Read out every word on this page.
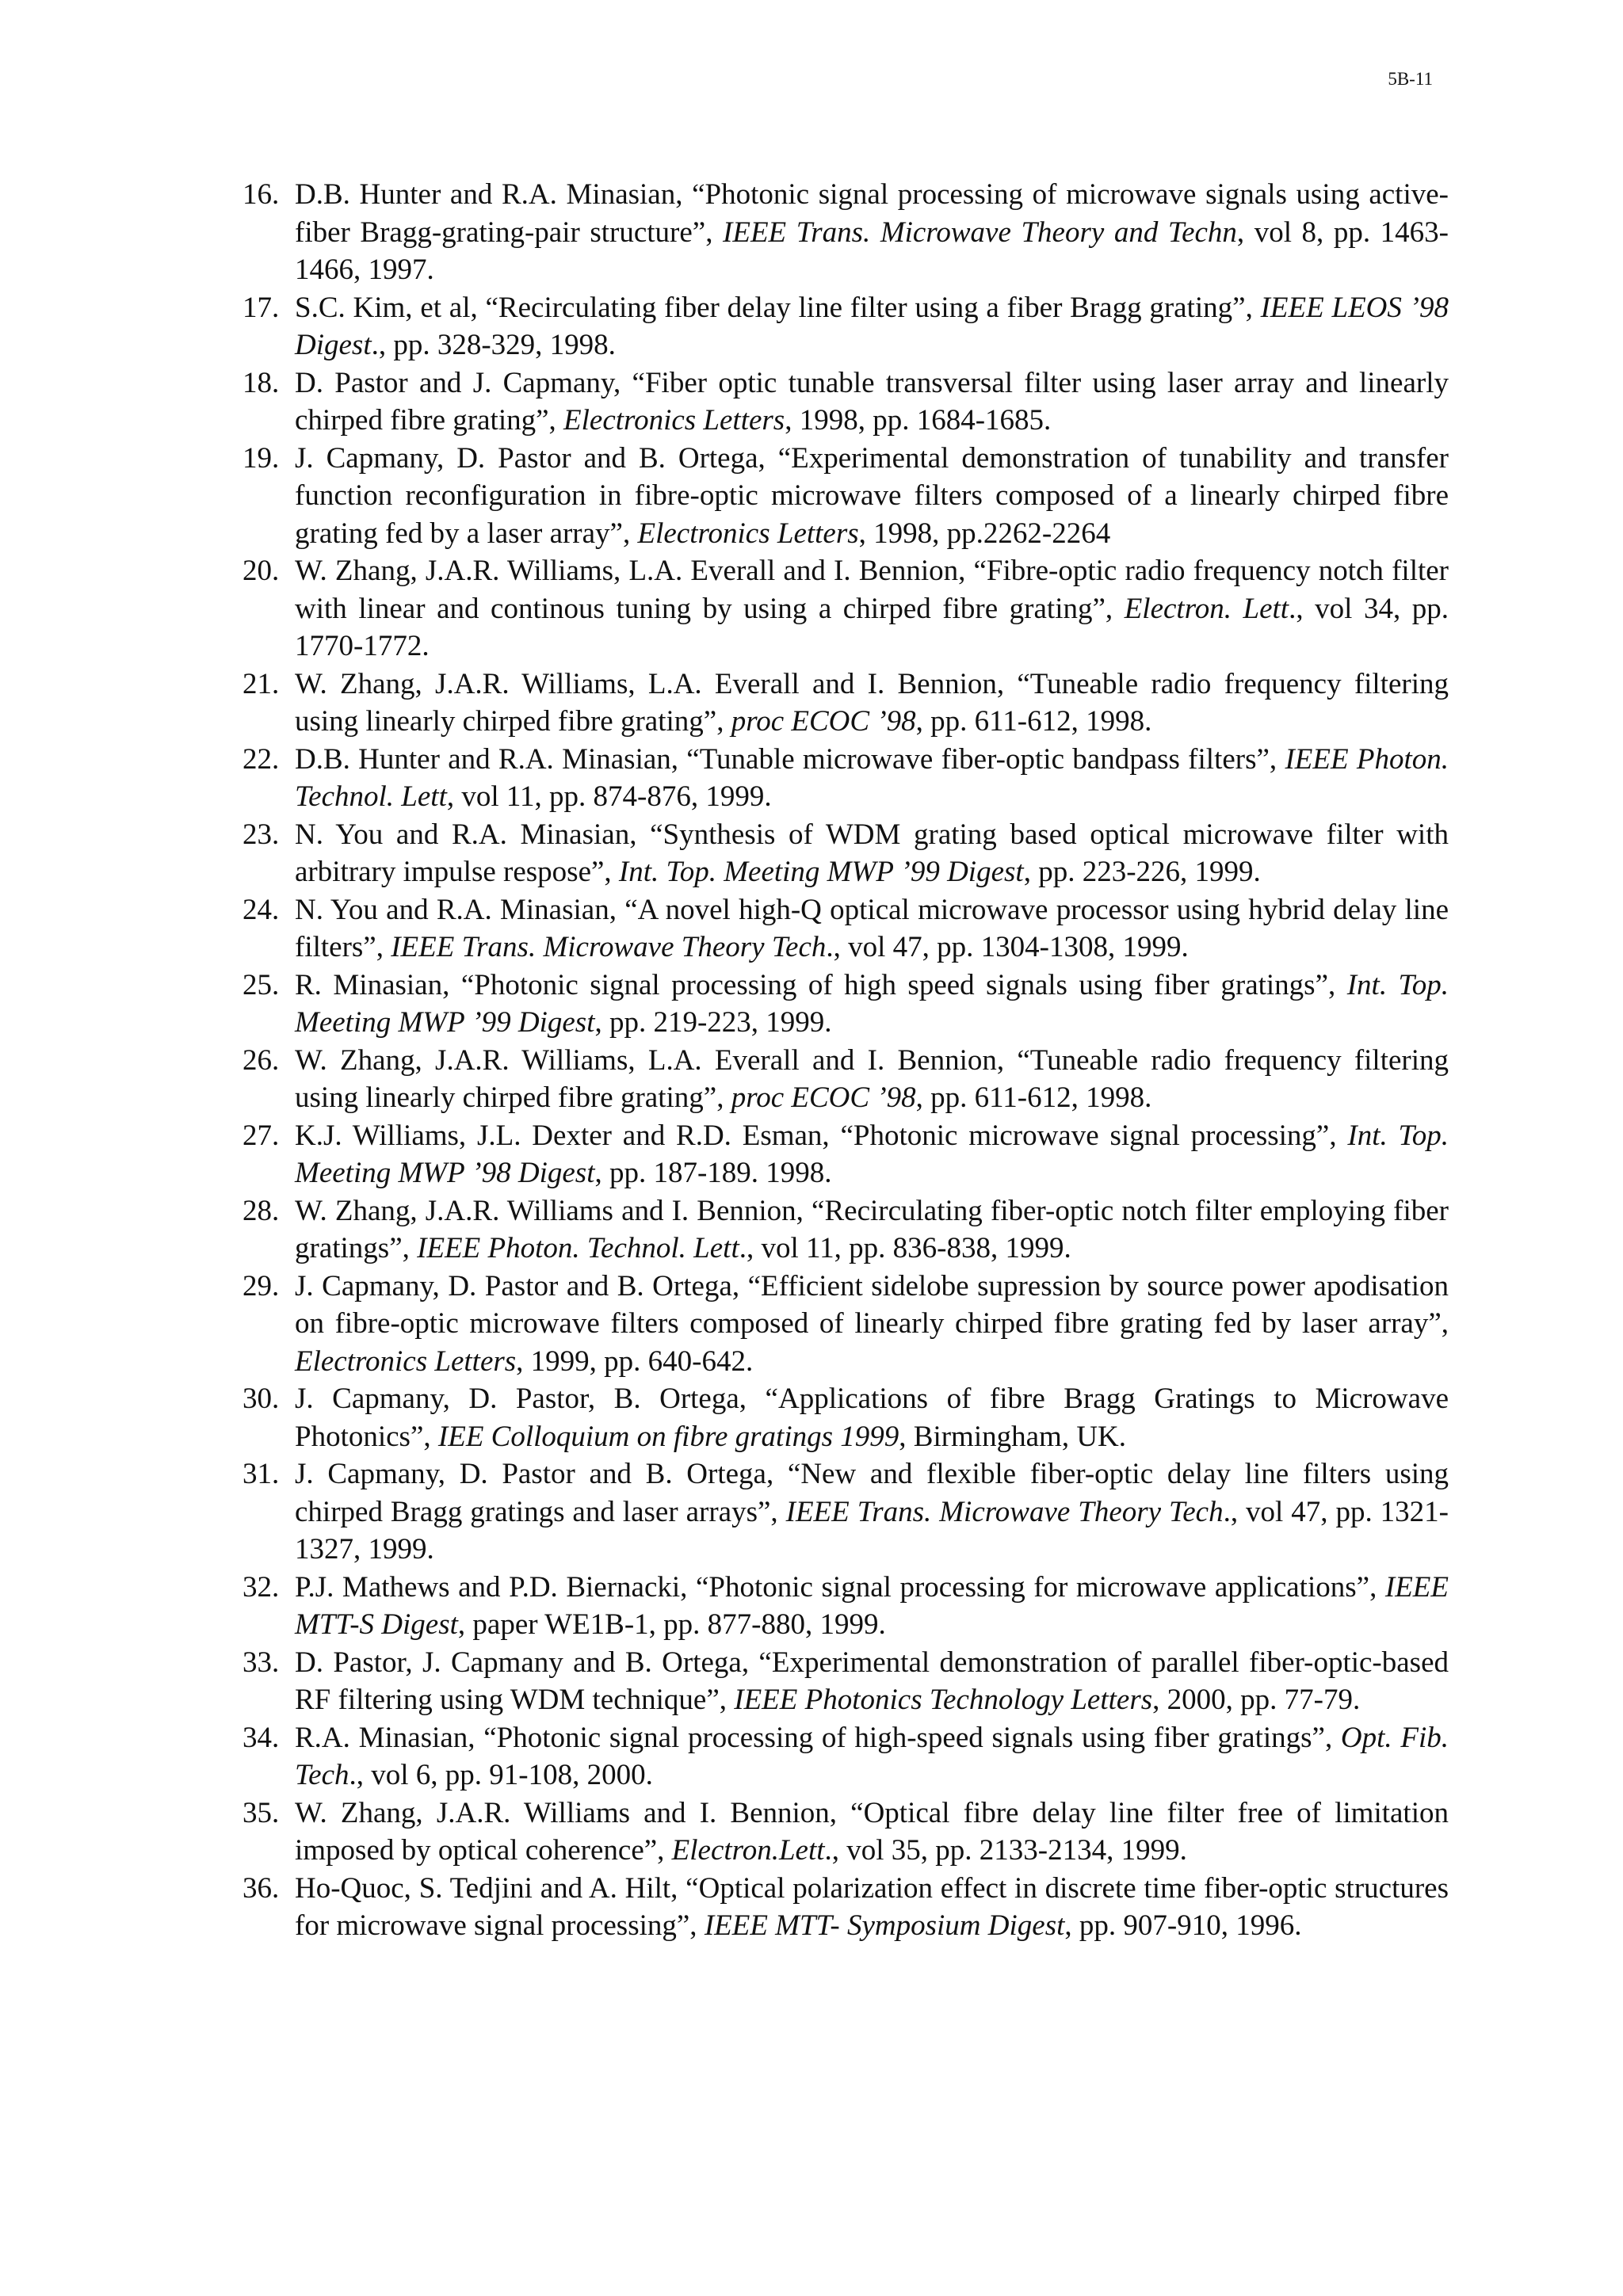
5B-11
16. D.B. Hunter and R.A. Minasian, “Photonic signal processing of microwave signals using active-fiber Bragg-grating-pair structure”, IEEE Trans. Microwave Theory and Techn, vol 8, pp. 1463-1466, 1997.
17. S.C. Kim, et al, “Recirculating fiber delay line filter using a fiber Bragg grating”, IEEE LEOS ’98 Digest., pp. 328-329, 1998.
18. D. Pastor and J. Capmany, “Fiber optic tunable transversal filter using laser array and linearly chirped fibre grating”, Electronics Letters, 1998, pp. 1684-1685.
19. J. Capmany, D. Pastor and B. Ortega, “Experimental demonstration of tunability and transfer function reconfiguration in fibre-optic microwave filters composed of a linearly chirped fibre grating fed by a laser array”, Electronics Letters, 1998, pp.2262-2264
20. W. Zhang, J.A.R. Williams, L.A. Everall and I. Bennion, “Fibre-optic radio frequency notch filter with linear and continous tuning by using a chirped fibre grating”, Electron. Lett., vol 34, pp. 1770-1772.
21. W. Zhang, J.A.R. Williams, L.A. Everall and I. Bennion, “Tuneable radio frequency filtering using linearly chirped fibre grating”, proc ECOC ’98, pp. 611-612, 1998.
22. D.B. Hunter and R.A. Minasian, “Tunable microwave fiber-optic bandpass filters”, IEEE Photon. Technol. Lett, vol 11, pp. 874-876, 1999.
23. N. You and R.A. Minasian, “Synthesis of WDM grating based optical microwave filter with arbitrary impulse respose”, Int. Top. Meeting MWP ’99 Digest, pp. 223-226, 1999.
24. N. You and R.A. Minasian, “A novel high-Q optical microwave processor using hybrid delay line filters”, IEEE Trans. Microwave Theory Tech., vol 47, pp. 1304-1308, 1999.
25. R. Minasian, “Photonic signal processing of high speed signals using fiber gratings”, Int. Top. Meeting MWP ’99 Digest, pp. 219-223, 1999.
26. W. Zhang, J.A.R. Williams, L.A. Everall and I. Bennion, “Tuneable radio frequency filtering using linearly chirped fibre grating”, proc ECOC ’98, pp. 611-612, 1998.
27. K.J. Williams, J.L. Dexter and R.D. Esman, “Photonic microwave signal processing”, Int. Top. Meeting MWP ’98 Digest, pp. 187-189. 1998.
28. W. Zhang, J.A.R. Williams and I. Bennion, “Recirculating fiber-optic notch filter employing fiber gratings”, IEEE Photon. Technol. Lett., vol 11, pp. 836-838, 1999.
29. J. Capmany, D. Pastor and B. Ortega, “Efficient sidelobe supression by source power apodisation on fibre-optic microwave filters composed of linearly chirped fibre grating fed by laser array”, Electronics Letters, 1999, pp. 640-642.
30. J. Capmany, D. Pastor, B. Ortega, “Applications of fibre Bragg Gratings to Microwave Photonics”, IEE Colloquium on fibre gratings 1999, Birmingham, UK.
31. J. Capmany, D. Pastor and B. Ortega, “New and flexible fiber-optic delay line filters using chirped Bragg gratings and laser arrays”, IEEE Trans. Microwave Theory Tech., vol 47, pp. 1321-1327, 1999.
32. P.J. Mathews and P.D. Biernacki, “Photonic signal processing for microwave applications”, IEEE MTT-S Digest, paper WE1B-1, pp. 877-880, 1999.
33. D. Pastor, J. Capmany and B. Ortega, “Experimental demonstration of parallel fiber-optic-based RF filtering using WDM technique”, IEEE Photonics Technology Letters, 2000, pp. 77-79.
34. R.A. Minasian, “Photonic signal processing of high-speed signals using fiber gratings”, Opt. Fib. Tech., vol 6, pp. 91-108, 2000.
35. W. Zhang, J.A.R. Williams and I. Bennion, “Optical fibre delay line filter free of limitation imposed by optical coherence”, Electron.Lett., vol 35, pp. 2133-2134, 1999.
36. Ho-Quoc, S. Tedjini and A. Hilt, “Optical polarization effect in discrete time fiber-optic structures for microwave signal processing”, IEEE MTT- Symposium Digest, pp. 907-910, 1996.
